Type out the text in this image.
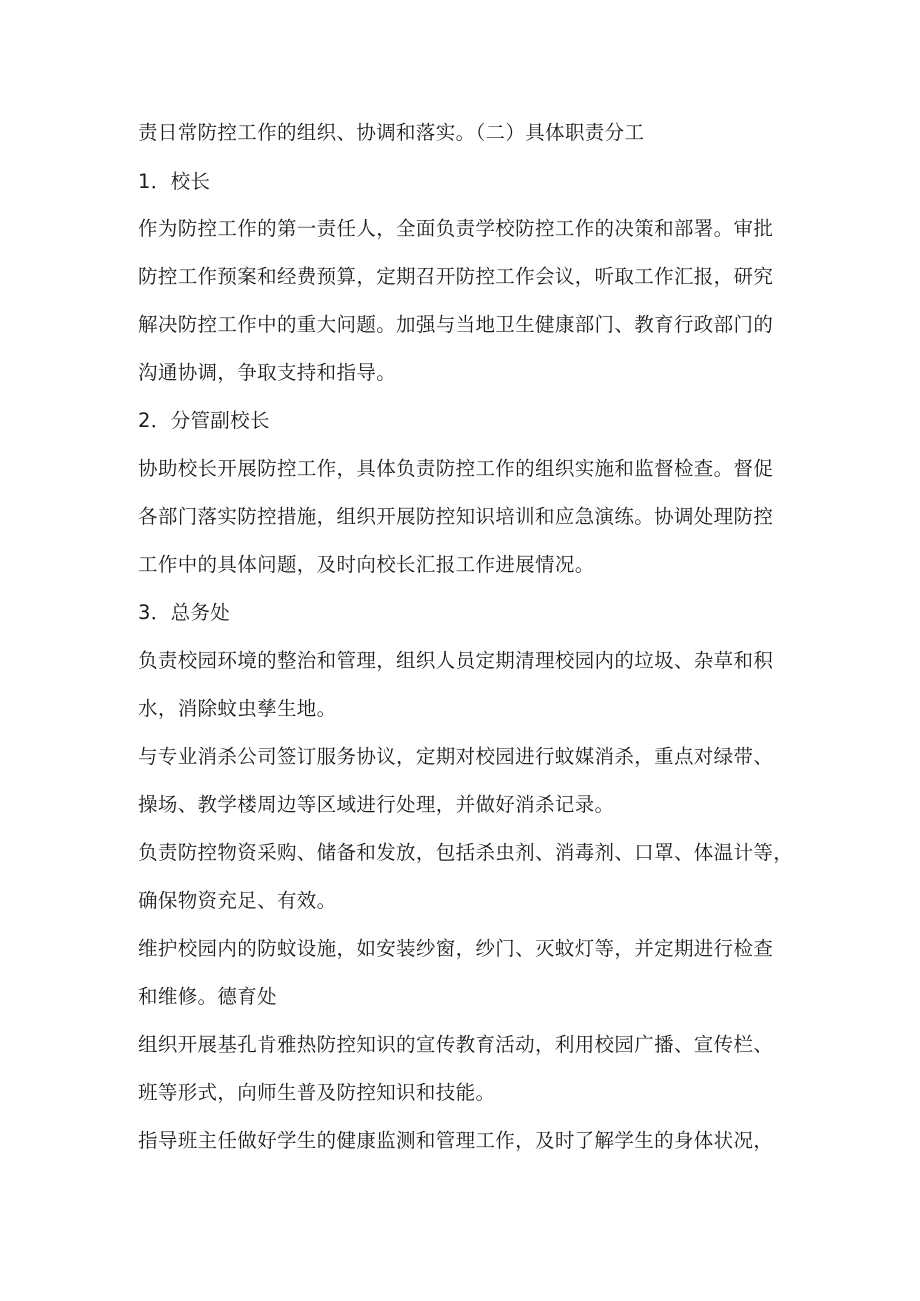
责日常防控工作的组织、协调和落实。（二）具体职责分工
1．校长
作为防控工作的第一责任人，全面负责学校防控工作的决策和部署。审批
防控工作预案和经费预算，定期召开防控工作会议，听取工作汇报，研究
解决防控工作中的重大问题。加强与当地卫生健康部门、教育行政部门的
沟通协调，争取支持和指导。
2．分管副校长
协助校长开展防控工作，具体负责防控工作的组织实施和监督检查。督促
各部门落实防控措施，组织开展防控知识培训和应急演练。协调处理防控
工作中的具体问题，及时向校长汇报工作进展情况。
3．总务处
负责校园环境的整治和管理，组织人员定期清理校园内的垃圾、杂草和积
水，消除蚊虫孳生地。
与专业消杀公司签订服务协议，定期对校园进行蚊媒消杀，重点对绿带、
操场、教学楼周边等区域进行处理，并做好消杀记录。
负责防控物资采购、储备和发放，包括杀虫剂、消毒剂、口罩、体温计等，
确保物资充足、有效。
维护校园内的防蚊设施，如安装纱窗，纱门、灭蚊灯等，并定期进行检查
和维修。德育处
组织开展基孔肯雅热防控知识的宣传教育活动，利用校园广播、宣传栏、
班等形式，向师生普及防控知识和技能。
指导班主任做好学生的健康监测和管理工作，及时了解学生的身体状况，
